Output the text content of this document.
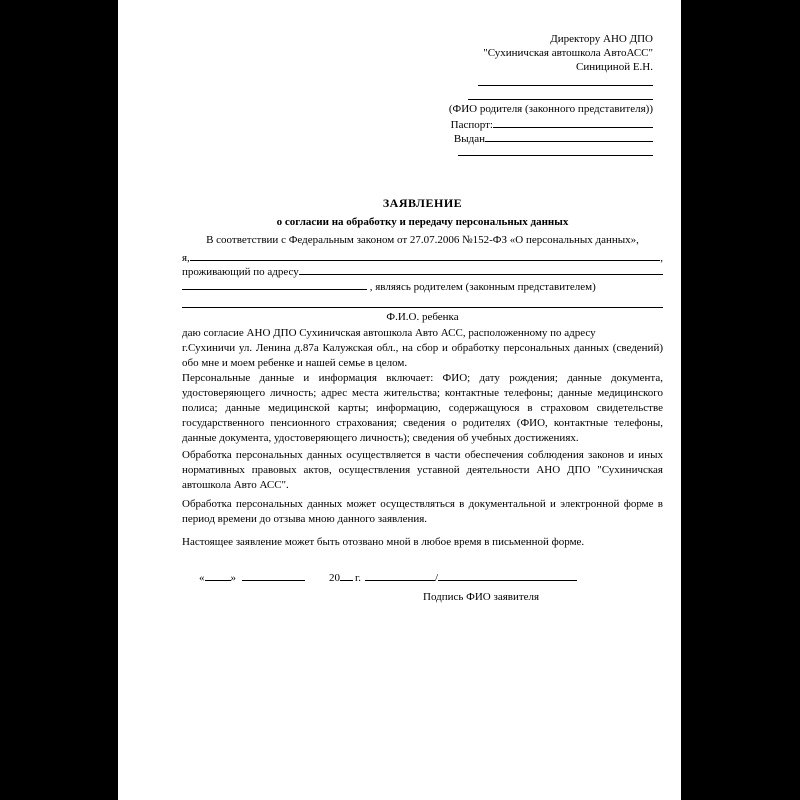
Директору АНО ДПО
"Сухиничская автошкола АвтоАСС"
Синициной Е.Н.
(ФИО родителя (законного представителя))
Паспорт:
Выдан
ЗАЯВЛЕНИЕ
о согласии на обработку и передачу персональных данных
В соответствии с Федеральным законом от 27.07.2006 №152-ФЗ «О персональных данных»,
я,	,
проживающий по адресу
, являясь родителем (законным представителем)
Ф.И.О. ребенка
даю согласие АНО ДПО Сухиничская автошкола Авто АСС, расположенному по адресу
г.Сухиничи ул. Ленина д.87а Калужская обл., на сбор и обработку персональных данных (сведений) обо мне и моем ребенке и нашей семье в целом.
Персональные данные и информация включает: ФИО; дату рождения; данные документа, удостоверяющего личность; адрес места жительства; контактные телефоны; данные медицинского полиса; данные медицинской карты; информацию, содержащуюся в страховом свидетельстве государственного пенсионного страхования; сведения о родителях (ФИО, контактные телефоны, данные документа, удостоверяющего личность); сведения об учебных достижениях.
Обработка персональных данных осуществляется в части обеспечения соблюдения законов и иных нормативных правовых актов, осуществления уставной деятельности АНО ДПО "Сухиничская автошкола Авто АСС".
Обработка персональных данных может осуществляться в документальной и электронной форме в период времени до отзыва мною данного заявления.
Настоящее заявление может быть отозвано мной в любое время в письменной форме.
« »	20 г.	/
Подпись ФИО заявителя
